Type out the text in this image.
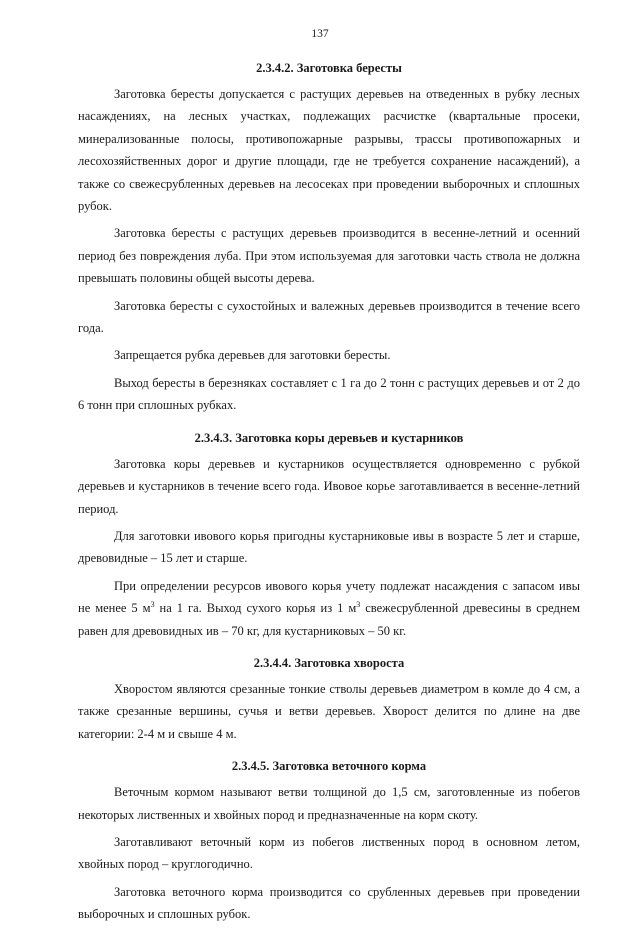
137
2.3.4.2. Заготовка бересты

Заготовка бересты допускается с растущих деревьев на отведенных в рубку лесных насаждениях, на лесных участках, подлежащих расчистке (квартальные просеки, минерализованные полосы, противопожарные разрывы, трассы противопожарных и лесохозяйственных дорог и другие площади, где не требуется сохранение насаждений), а также со свежесрубленных деревьев на лесосеках при проведении выборочных и сплошных рубок.

Заготовка бересты с растущих деревьев производится в весенне-летний и осенний период без повреждения луба. При этом используемая для заготовки часть ствола не должна превышать половины общей высоты дерева.

Заготовка бересты с сухостойных и валежных деревьев производится в течение всего года.

Запрещается рубка деревьев для заготовки бересты.

Выход бересты в березняках составляет с 1 га до 2 тонн с растущих деревьев и от 2 до 6 тонн при сплошных рубках.

2.3.4.3. Заготовка коры деревьев и кустарников

Заготовка коры деревьев и кустарников осуществляется одновременно с рубкой деревьев и кустарников в течение всего года. Ивовое корье заготавливается в весенне-летний период.

Для заготовки ивового корья пригодны кустарниковые ивы в возрасте 5 лет и старше, древовидные – 15 лет и старше.

При определении ресурсов ивового корья учету подлежат насаждения с запасом ивы не менее 5 $м^3$ на 1 га. Выход сухого корья из 1 $м^3$ свежесрубленной древесины в среднем равен для древовидных ив – 70 кг, для кустарниковых – 50 кг.

2.3.4.4. Заготовка хвороста

Хворостом являются срезанные тонкие стволы деревьев диаметром в комле до 4 см, а также срезанные вершины, сучья и ветви деревьев. Хворост делится по длине на две категории: 2-4 м и свыше 4 м.

2.3.4.5. Заготовка веточного корма

Веточным кормом называют ветви толщиной до 1,5 см, заготовленные из побегов некоторых лиственных и хвойных пород и предназначенные на корм скоту.

Заготавливают веточный корм из побегов лиственных пород в основном летом, хвойных пород – круглогодично.

Заготовка веточного корма производится со срубленных деревьев при проведении выборочных и сплошных рубок.
